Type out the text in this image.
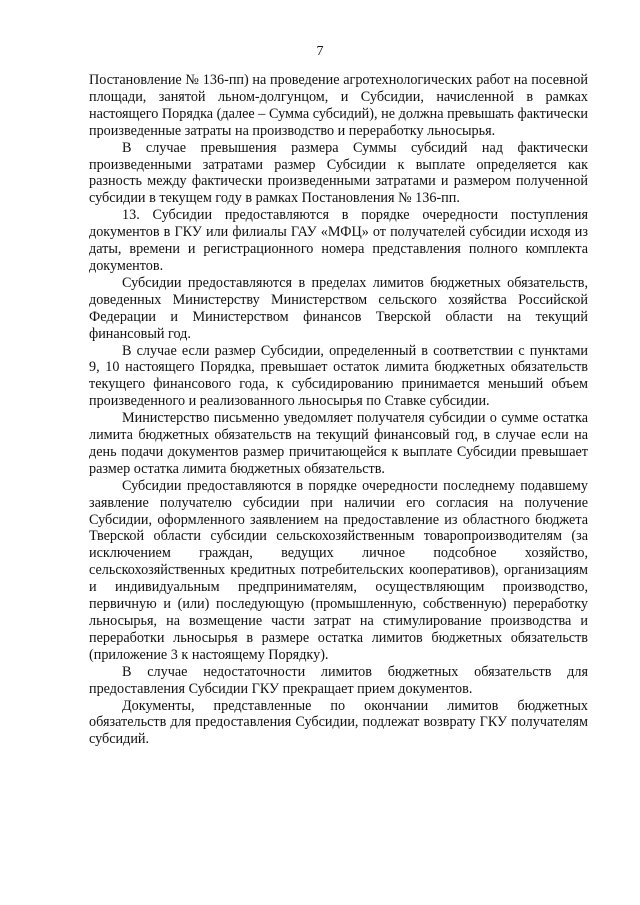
7

Постановление № 136-пп) на проведение агротехнологических работ на посевной площади, занятой льном-долгунцом, и Субсидии, начисленной в рамках настоящего Порядка (далее – Сумма субсидий), не должна превышать фактически произведенные затраты на производство и переработку льносырья.

В случае превышения размера Суммы субсидий над фактически произведенными затратами размер Субсидии к выплате определяется как разность между фактически произведенными затратами и размером полученной субсидии в текущем году в рамках Постановления № 136-пп.

13. Субсидии предоставляются в порядке очередности поступления документов в ГКУ или филиалы ГАУ «МФЦ» от получателей субсидии исходя из даты, времени и регистрационного номера представления полного комплекта документов.

Субсидии предоставляются в пределах лимитов бюджетных обязательств, доведенных Министерству Министерством сельского хозяйства Российской Федерации и Министерством финансов Тверской области на текущий финансовый год.

В случае если размер Субсидии, определенный в соответствии с пунктами 9, 10 настоящего Порядка, превышает остаток лимита бюджетных обязательств текущего финансового года, к субсидированию принимается меньший объем произведенного и реализованного льносырья по Ставке субсидии.

Министерство письменно уведомляет получателя субсидии о сумме остатка лимита бюджетных обязательств на текущий финансовый год, в случае если на день подачи документов размер причитающейся к выплате Субсидии превышает размер остатка лимита бюджетных обязательств.

Субсидии предоставляются в порядке очередности последнему подавшему заявление получателю субсидии при наличии его согласия на получение Субсидии, оформленного заявлением на предоставление из областного бюджета Тверской области субсидии сельскохозяйственным товаропроизводителям (за исключением граждан, ведущих личное подсобное хозяйство, сельскохозяйственных кредитных потребительских кооперативов), организациям и индивидуальным предпринимателям, осуществляющим производство, первичную и (или) последующую (промышленную, собственную) переработку льносырья, на возмещение части затрат на стимулирование производства и переработки льносырья в размере остатка лимитов бюджетных обязательств (приложение 3 к настоящему Порядку).

В случае недостаточности лимитов бюджетных обязательств для предоставления Субсидии ГКУ прекращает прием документов.

Документы, представленные по окончании лимитов бюджетных обязательств для предоставления Субсидии, подлежат возврату ГКУ получателям субсидий.
